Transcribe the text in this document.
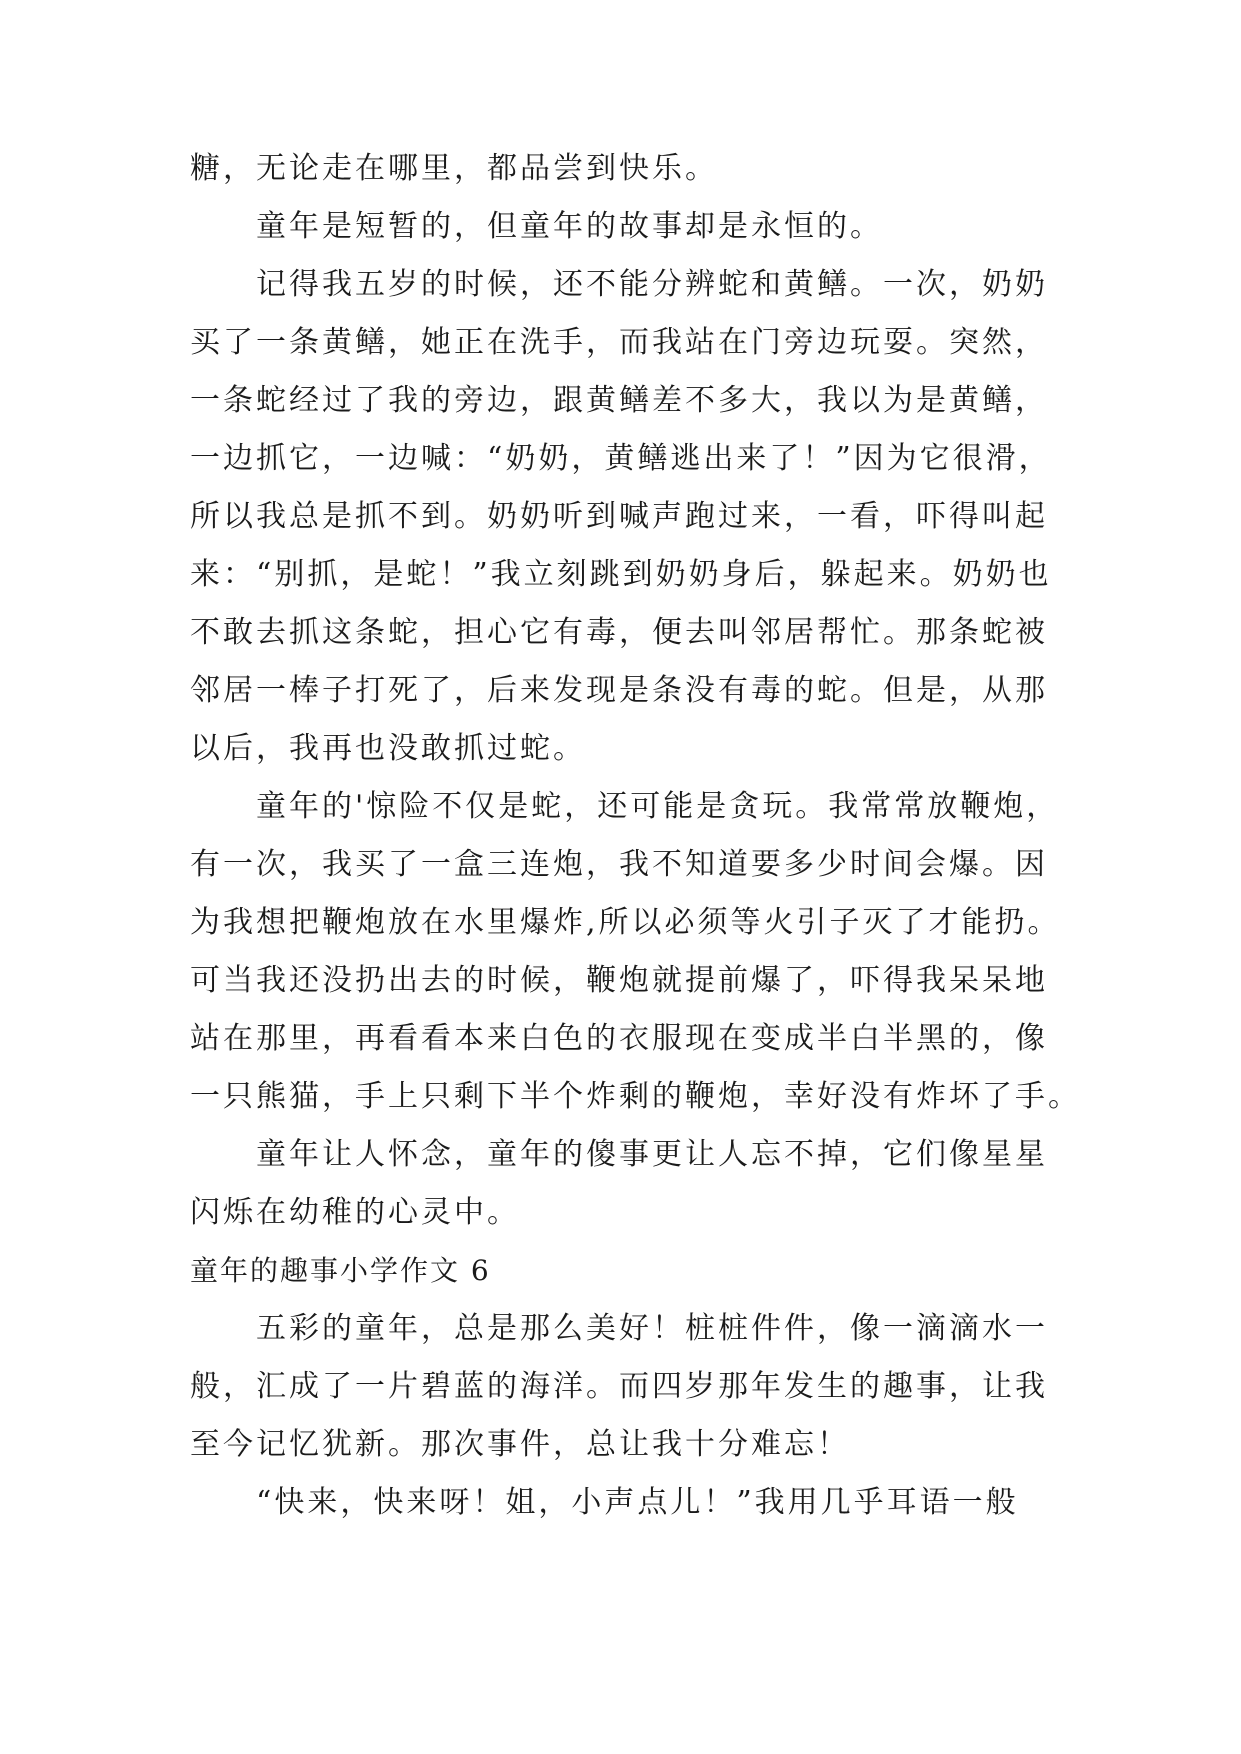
糖，无论走在哪里，都品尝到快乐。
童年是短暂的，但童年的故事却是永恒的。
记得我五岁的时候，还不能分辨蛇和黄鳝。一次，奶奶
买了一条黄鳝，她正在洗手，而我站在门旁边玩耍。突然，
一条蛇经过了我的旁边，跟黄鳝差不多大，我以为是黄鳝，
一边抓它，一边喊：“奶奶，黄鳝逃出来了！”因为它很滑，
所以我总是抓不到。奶奶听到喊声跑过来，一看，吓得叫起
来：“别抓，是蛇！”我立刻跳到奶奶身后，躲起来。奶奶也
不敢去抓这条蛇，担心它有毒，便去叫邻居帮忙。那条蛇被
邻居一棒子打死了，后来发现是条没有毒的蛇。但是，从那
以后，我再也没敢抓过蛇。
童年的'惊险不仅是蛇，还可能是贪玩。我常常放鞭炮，
有一次，我买了一盒三连炮，我不知道要多少时间会爆。因
为我想把鞭炮放在水里爆炸,所以必须等火引子灭了才能扔。
可当我还没扔出去的时候，鞭炮就提前爆了，吓得我呆呆地
站在那里，再看看本来白色的衣服现在变成半白半黑的，像
一只熊猫，手上只剩下半个炸剩的鞭炮，幸好没有炸坏了手。
童年让人怀念，童年的傻事更让人忘不掉，它们像星星
闪烁在幼稚的心灵中。
童年的趣事小学作文 6
五彩的童年，总是那么美好！桩桩件件，像一滴滴水一
般，汇成了一片碧蓝的海洋。而四岁那年发生的趣事，让我
至今记忆犹新。那次事件，总让我十分难忘！
“快来，快来呀！姐，小声点儿！”我用几乎耳语一般
